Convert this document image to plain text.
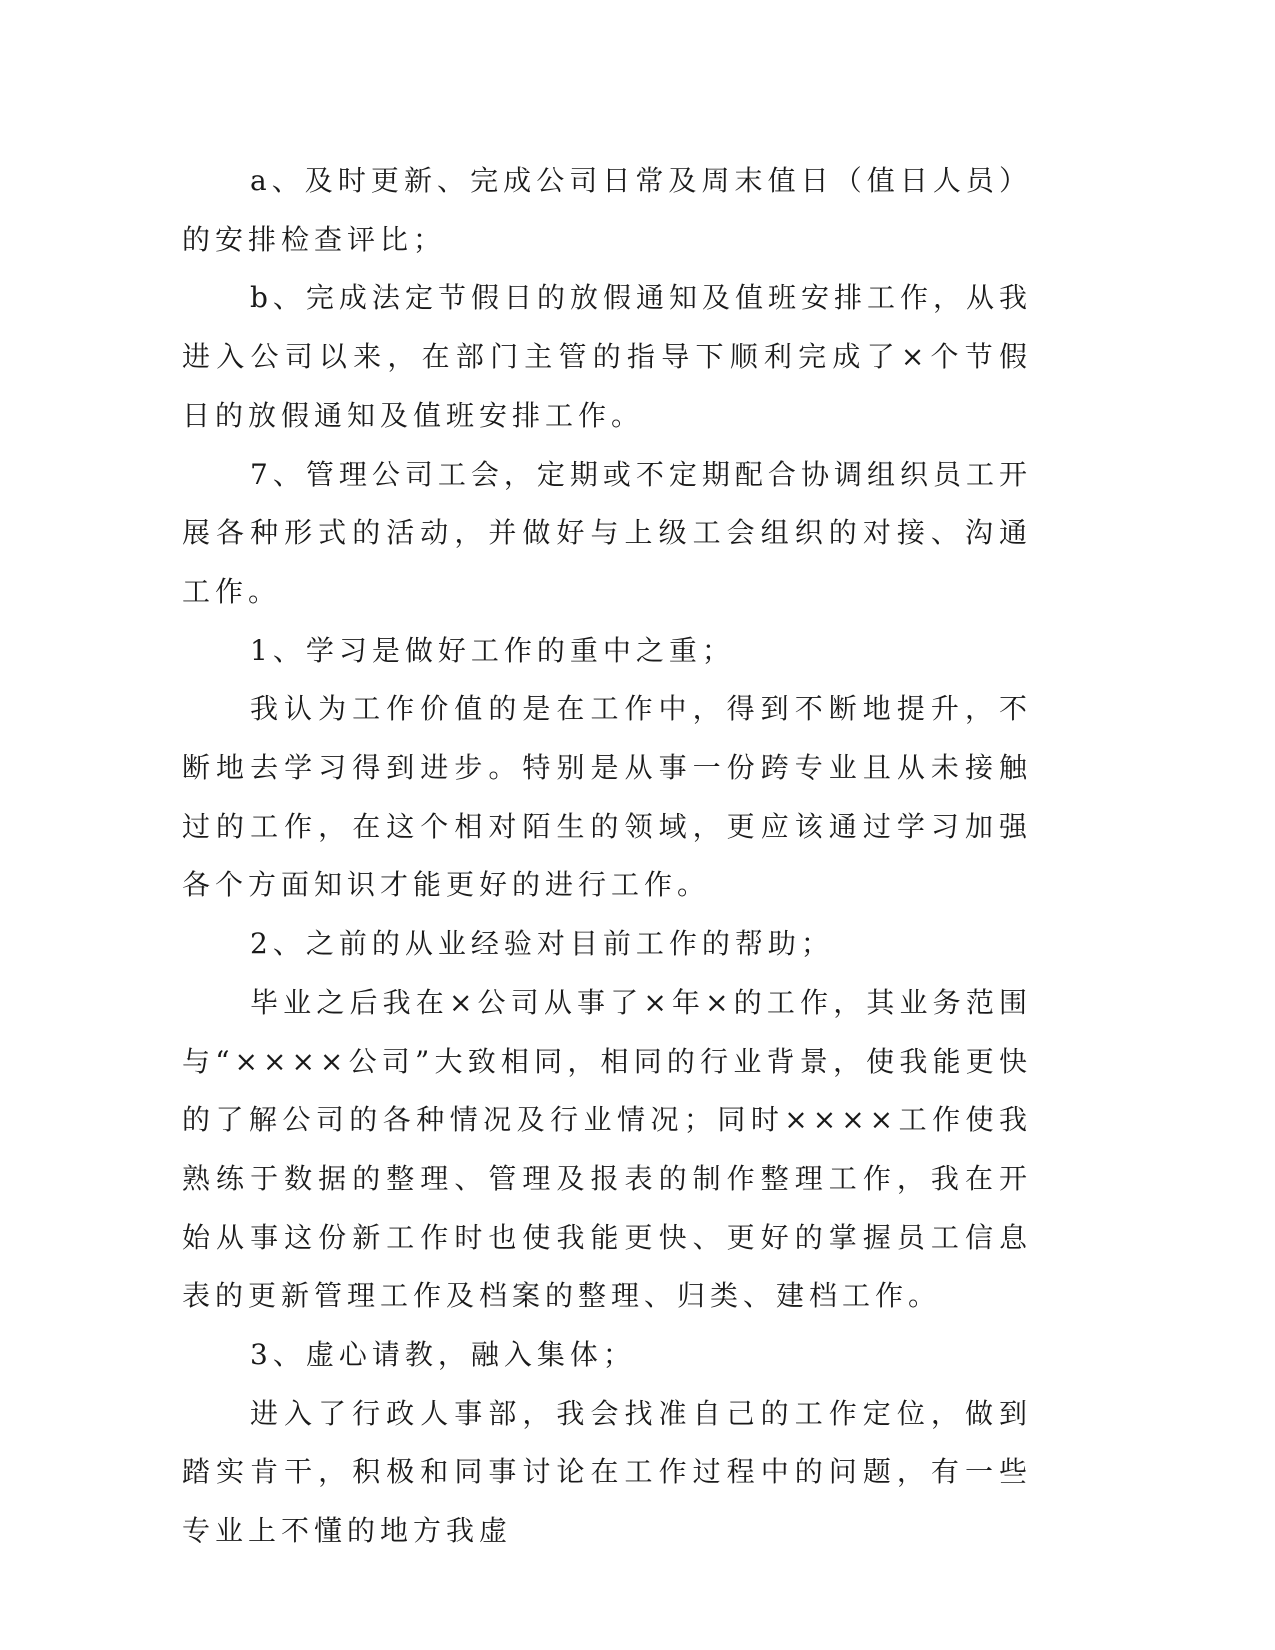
a、及时更新、完成公司日常及周末值日（值日人员）的安排检查评比；

b、完成法定节假日的放假通知及值班安排工作，从我进入公司以来，在部门主管的指导下顺利完成了×个节假日的放假通知及值班安排工作。

7、管理公司工会，定期或不定期配合协调组织员工开展各种形式的活动，并做好与上级工会组织的对接、沟通工作。

1、学习是做好工作的重中之重；

我认为工作价值的是在工作中，得到不断地提升，不断地去学习得到进步。特别是从事一份跨专业且从未接触过的工作，在这个相对陌生的领域，更应该通过学习加强各个方面知识才能更好的进行工作。

2、之前的从业经验对目前工作的帮助；

毕业之后我在×公司从事了×年×的工作，其业务范围与“××××公司”大致相同，相同的行业背景，使我能更快的了解公司的各种情况及行业情况；同时××××工作使我熟练于数据的整理、管理及报表的制作整理工作，我在开始从事这份新工作时也使我能更快、更好的掌握员工信息表的更新管理工作及档案的整理、归类、建档工作。

3、虚心请教，融入集体；

进入了行政人事部，我会找准自己的工作定位，做到踏实肯干，积极和同事讨论在工作过程中的问题，有一些专业上不懂的地方我虚
